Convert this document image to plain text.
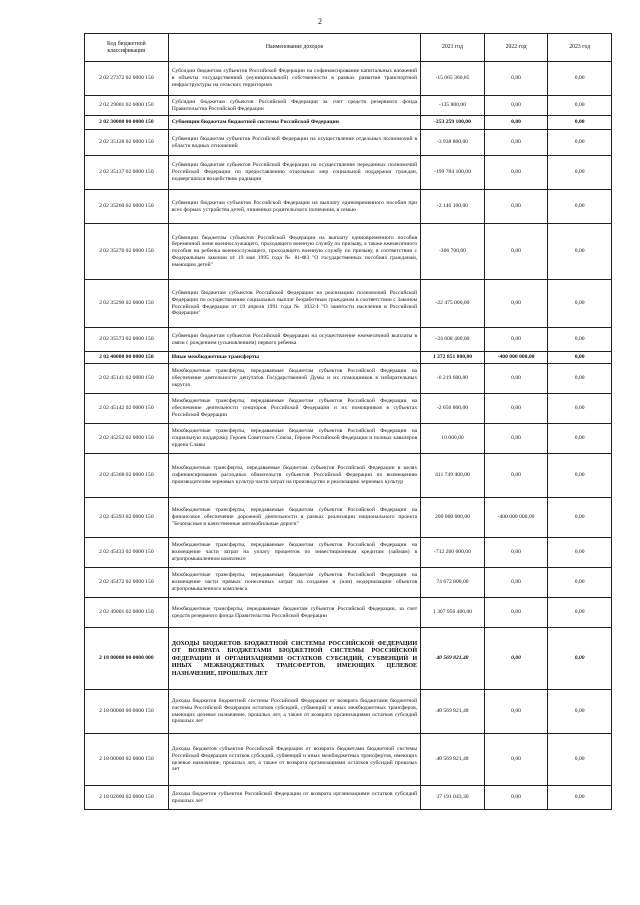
2
Код бюджетной классификации	Наименование доходов	2021 год	2022 год	2023 год
2 02 27372 02 0000 150	Субсидии бюджетам субъектов Российской Федерации на софинансирование капитальных вложений в объекты государственной (муниципальной) собственности в рамках развития транспортной инфраструктуры на сельских территориях	-15 065 360,85	0,00	0,00
2 02 29001 02 0000 150	Субсидии бюджетам субъектов Российской Федерации за счет средств резервного фонда Правительства Российской Федерации	-135 800,00	0,00	0,00
2 02 30000 00 0000 150	Субвенции бюджетам бюджетной системы Российской Федерации	-253 259 100,00	0,00	0,00
2 02 35128 02 0000 150	Субвенции бюджетам субъектов Российской Федерации на осуществление отдельных полномочий в области водных отношений	-3 938 800,00	0,00	0,00
2 02 35137 02 0000 150	Субвенции бюджетам субъектов Российской Федерации на осуществление переданных полномочий Российской Федерации по предоставлению отдельных мер социальной поддержки граждан, подвергшихся воздействию радиации	-199 784 100,00	0,00	0,00
2 02 35260 02 0000 150	Субвенции бюджетам субъектов Российской Федерации на выплату единовременного пособия при всех формах устройства детей, лишенных родительского попечения, в семью	-2 146 100,00	0,00	0,00
2 02 35270 02 0000 150	Субвенции бюджетам субъектов Российской Федерации на выплату единовременного пособия беременной жене военнослужащего, проходящего военную службу по призыву, а также ежемесячного пособия на ребенка военнослужащего, проходящего военную службу по призыву, в соответствии с Федеральным законом от 19 мая 1995 года № 81-ФЗ "О государственных пособиях гражданам, имеющим детей"	-306 700,00	0,00	0,00
2 02 35290 02 0000 150	Субвенции бюджетам субъектов Российской Федерации на реализацию полномочий Российской Федерации по осуществлению социальных выплат безработным гражданам в соответствии с Законом Российской Федерации от 19 апреля 1991 года № 1032-I "О занятости населения в Российской Федерации"	-22 475 000,00	0,00	0,00
2 02 35573 02 0000 150	Субвенции бюджетам субъектов Российской Федерации на осуществление ежемесячной выплаты в связи с рождением (усыновлением) первого ребенка	-24 608 400,00	0,00	0,00
2 02 40000 00 0000 150	Иные межбюджетные трансферты	1 272 851 800,00	-400 000 000,00	0,00
2 02 45141 02 0000 150	Межбюджетные трансферты, передаваемые бюджетам субъектов Российской Федерации на обеспечение деятельности депутатов Государственной Думы и их помощников в избирательных округах	-6 219 600,00	0,00	0,00
2 02 45142 02 0000 150	Межбюджетные трансферты, передаваемые бюджетам субъектов Российской Федерации на обеспечение деятельности сенаторов Российской Федерации и их помощников в субъектах Российской Федерации	-2 050 800,00	0,00	0,00
2 02 45252 02 0000 150	Межбюджетные трансферты, передаваемые бюджетам субъектов Российской Федерации на социальную поддержку Героев Советского Союза, Героев Российской Федерации и полных кавалеров ордена Славы	10 000,00	0,00	0,00
2 02 45368 02 0000 150	Межбюджетные трансферты, передаваемые бюджетам субъектов Российской Федерации в целях софинансирования расходных обязательств субъектов Российской Федерации по возмещению производителям зерновых культур части затрат на производство и реализацию зерновых культур	411 749 400,00	0,00	0,00
2 02 45393 02 0000 150	Межбюджетные трансферты, передаваемые бюджетам субъектов Российской Федерации на финансовое обеспечение дорожной деятельности в рамках реализации национального проекта "Безопасные и качественные автомобильные дороги"	200 000 000,00	-400 000 000,00	0,00
2 02 45433 02 0000 150	Межбюджетные трансферты, передаваемые бюджетам субъектов Российской Федерации на возмещение части затрат на уплату процентов по инвестиционным кредитам (займам) в агропромышленном комплексе	-712 260 600,00	0,00	0,00
2 02 45472 02 0000 150	Межбюджетные трансферты, передаваемые бюджетам субъектов Российской Федерации на возмещение части прямых понесенных затрат на создание и (или) модернизацию объектов агропромышленного комплекса	74 672 800,00	0,00	0,00
2 02 49001 02 0000 150	Межбюджетные трансферты, передаваемые бюджетам субъектов Российской Федерации, за счет средств резервного фонда Правительства Российской Федерации	1 307 950 400,00	0,00	0,00
2 18 00000 00 0000 000	ДОХОДЫ БЮДЖЕТОВ БЮДЖЕТНОЙ СИСТЕМЫ РОССИЙСКОЙ ФЕДЕРАЦИИ ОТ ВОЗВРАТА БЮДЖЕТАМИ БЮДЖЕТНОЙ СИСТЕМЫ РОССИЙСКОЙ ФЕДЕРАЦИИ И ОРГАНИЗАЦИЯМИ ОСТАТКОВ СУБСИДИЙ, СУБВЕНЦИЙ И ИНЫХ МЕЖБЮДЖЕТНЫХ ТРАНСФЕРТОВ, ИМЕЮЩИХ ЦЕЛЕВОЕ НАЗНАЧЕНИЕ, ПРОШЛЫХ ЛЕТ	40 569 821,48	0,00	0,00
2 18 00000 00 0000 150	Доходы бюджетов бюджетной системы Российской Федерации от возврата бюджетами бюджетной системы Российской Федерации остатков субсидий, субвенций и иных межбюджетных трансферов, имеющих целевое назначение, прошлых лет, а также от возврата организациями остатков субсидий прошлых лет	40 569 821,48	0,00	0,00
2 18 00000 02 0000 150	Доходы бюджетов субъектов Российской Федерации от возврата бюджетами бюджетной системы Российской Федерации остатков субсидий, субвенций и иных межбюджетных трансфертов, имеющих целевое назначение, прошлых лет, а также от возврата организациями остатков субсидий прошлых лет	40 569 821,48	0,00	0,00
2 18 02000 02 0000 150	Доходы бюджетов субъектов Российской Федерации от возврата организациями остатков субсидий прошлых лет	37 191 043,30	0,00	0,00
